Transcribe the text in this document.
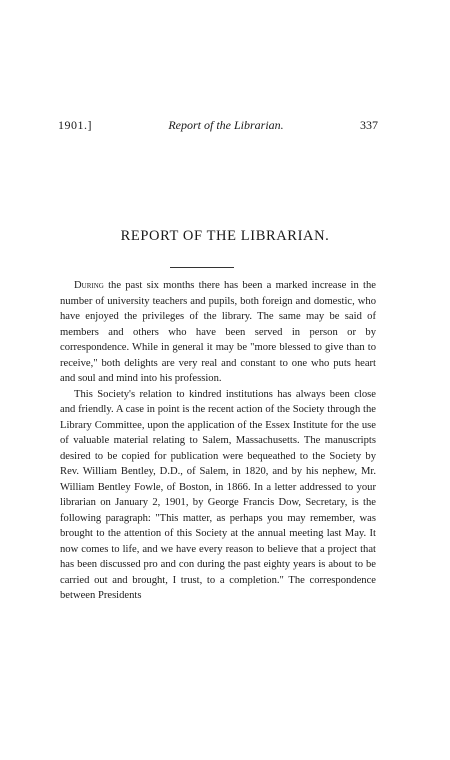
1901.]	Report of the Librarian.	337
REPORT OF THE LIBRARIAN.

During the past six months there has been a marked increase in the number of university teachers and pupils, both foreign and domestic, who have enjoyed the privileges of the library. The same may be said of members and others who have been served in person or by correspondence. While in general it may be "more blessed to give than to receive," both delights are very real and constant to one who puts heart and soul and mind into his profession.

This Society's relation to kindred institutions has always been close and friendly. A case in point is the recent action of the Society through the Library Committee, upon the application of the Essex Institute for the use of valuable material relating to Salem, Massachusetts. The manuscripts desired to be copied for publication were bequeathed to the Society by Rev. William Bentley, D.D., of Salem, in 1820, and by his nephew, Mr. William Bentley Fowle, of Boston, in 1866. In a letter addressed to your librarian on January 2, 1901, by George Francis Dow, Secretary, is the following paragraph: "This matter, as perhaps you may remember, was brought to the attention of this Society at the annual meeting last May. It now comes to life, and we have every reason to believe that a project that has been discussed pro and con during the past eighty years is about to be carried out and brought, I trust, to a completion." The correspondence between Presidents
